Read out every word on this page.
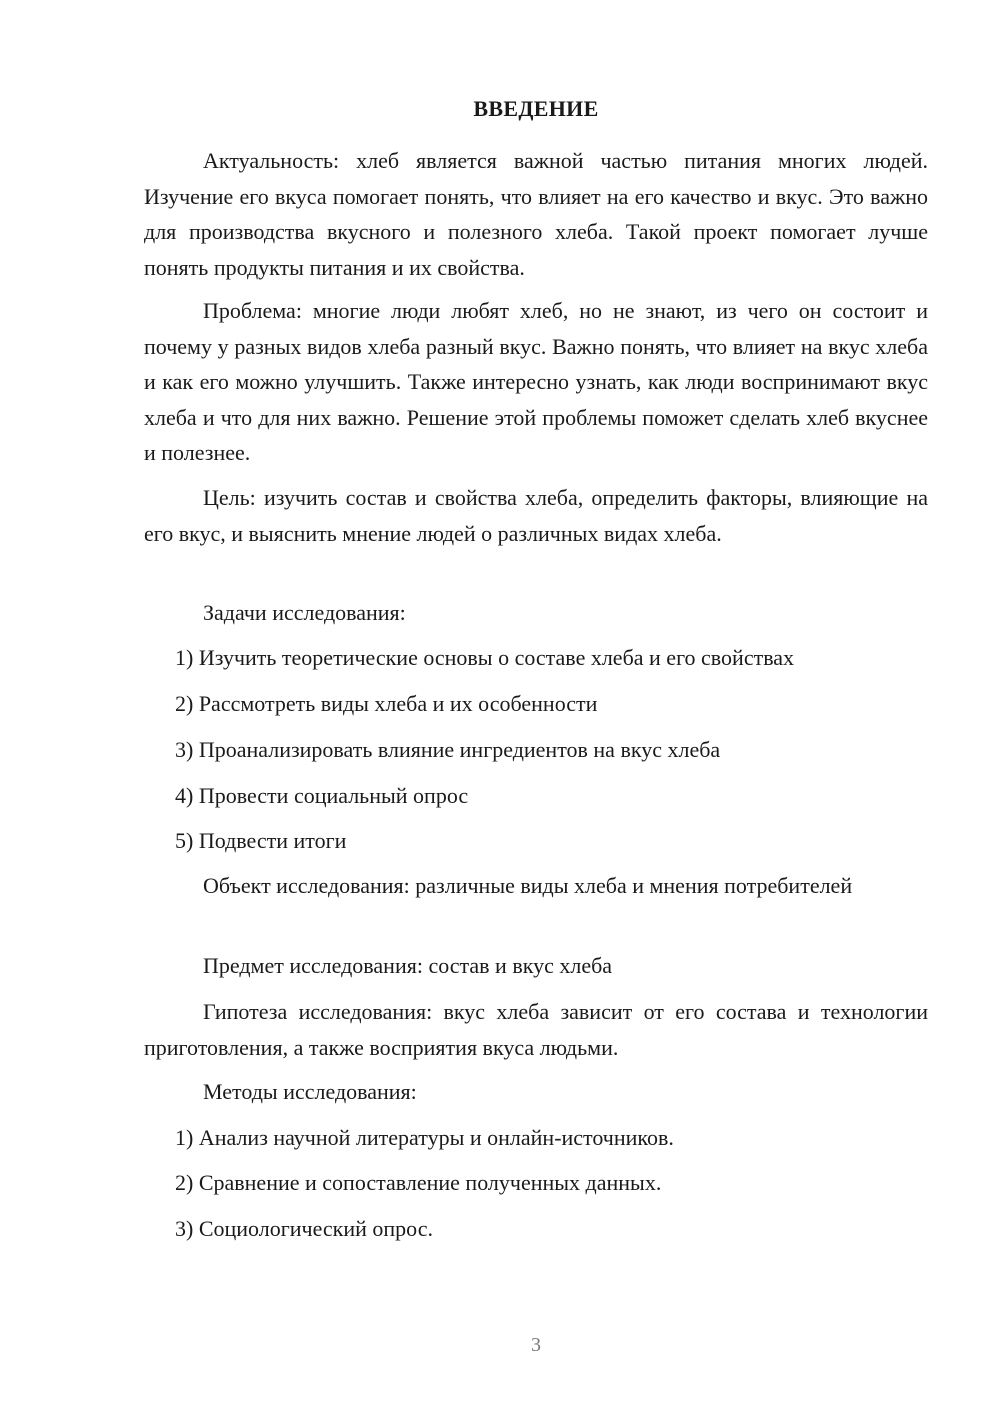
ВВЕДЕНИЕ

Актуальность: хлеб является важной частью питания многих людей. Изучение его вкуса помогает понять, что влияет на его качество и вкус. Это важно для производства вкусного и полезного хлеба. Такой проект помогает лучше понять продукты питания и их свойства.

Проблема: многие люди любят хлеб, но не знают, из чего он состоит и почему у разных видов хлеба разный вкус. Важно понять, что влияет на вкус хлеба и как его можно улучшить. Также интересно узнать, как люди воспринимают вкус хлеба и что для них важно. Решение этой проблемы поможет сделать хлеб вкуснее и полезнее.

Цель: изучить состав и свойства хлеба, определить факторы, влияющие на его вкус, и выяснить мнение людей о различных видах хлеба.

Задачи исследования:

1) Изучить теоретические основы о составе хлеба и его свойствах

2) Рассмотреть виды хлеба и их особенности

3) Проанализировать влияние ингредиентов на вкус хлеба

4) Провести социальный опрос

5) Подвести итоги

Объект исследования: различные виды хлеба и мнения потребителей

Предмет исследования: состав и вкус хлеба

Гипотеза исследования: вкус хлеба зависит от его состава и технологии приготовления, а также восприятия вкуса людьми.

Методы исследования:

1) Анализ научной литературы и онлайн-источников.

2) Сравнение и сопоставление полученных данных.

3) Социологический опрос.

3
